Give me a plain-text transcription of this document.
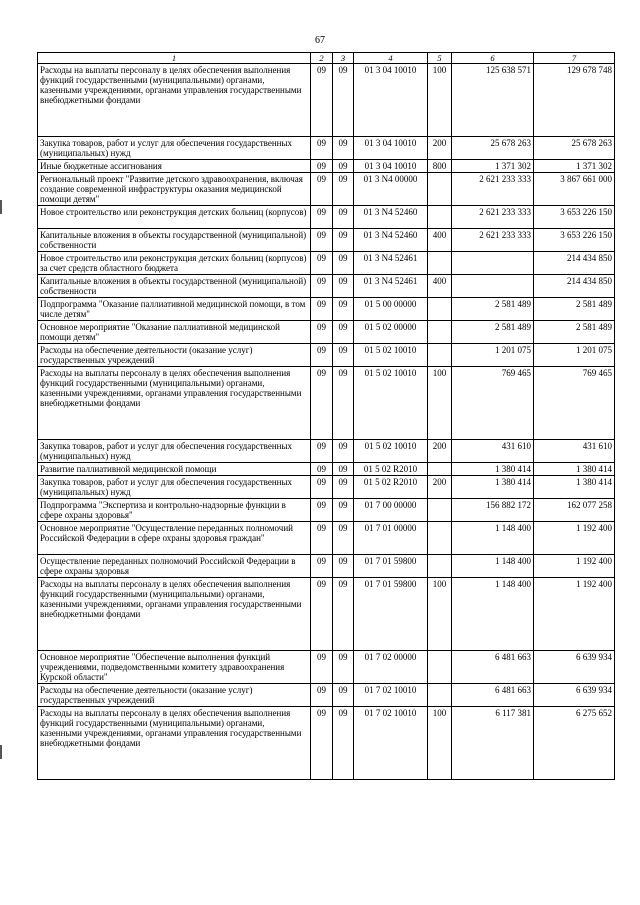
67
1	2	3	4	5	6	7
Расходы на выплаты персоналу в целях обеспечения выполнения функций государственными (муниципальными) органами, казенными учреждениями, органами управления государственными внебюджетными фондами	09	09	01 3 04 10010	100	125 638 571	129 678 748
Закупка товаров, работ и услуг для обеспечения государственных (муниципальных) нужд	09	09	01 3 04 10010	200	25 678 263	25 678 263
Иные бюджетные ассигнования	09	09	01 3 04 10010	800	1 371 302	1 371 302
Региональный проект "Развитие детского здравоохранения, включая создание современной инфраструктуры оказания медицинской помощи детям"	09	09	01 3 N4 00000		2 621 233 333	3 867 661 000
Новое строительство или реконструкция детских больниц (корпусов)	09	09	01 3 N4 52460		2 621 233 333	3 653 226 150
Капитальные вложения в объекты государственной (муниципальной) собственности	09	09	01 3 N4 52460	400	2 621 233 333	3 653 226 150
Новое строительство или реконструкция детских больниц (корпусов) за счет средств областного бюджета	09	09	01 3 N4 52461			214 434 850
Капитальные вложения в объекты государственной (муниципальной) собственности	09	09	01 3 N4 52461	400		214 434 850
Подпрограмма "Оказание паллиативной медицинской помощи, в том числе детям"	09	09	01 5 00 00000		2 581 489	2 581 489
Основное мероприятие "Оказание паллиативной медицинской помощи детям"	09	09	01 5 02 00000		2 581 489	2 581 489
Расходы на обеспечение деятельности (оказание услуг) государственных учреждений	09	09	01 5 02 10010		1 201 075	1 201 075
Расходы на выплаты персоналу в целях обеспечения выполнения функций государственными (муниципальными) органами, казенными учреждениями, органами управления государственными внебюджетными фондами	09	09	01 5 02 10010	100	769 465	769 465
Закупка товаров, работ и услуг для обеспечения государственных (муниципальных) нужд	09	09	01 5 02 10010	200	431 610	431 610
Развитие паллиативной медицинской помощи	09	09	01 5 02 R2010		1 380 414	1 380 414
Закупка товаров, работ и услуг для обеспечения государственных (муниципальных) нужд	09	09	01 5 02 R2010	200	1 380 414	1 380 414
Подпрограмма "Экспертиза и контрольно-надзорные функции в сфере охраны здоровья"	09	09	01 7 00 00000		156 882 172	162 077 258
Основное мероприятие "Осуществление переданных полномочий Российской Федерации в сфере охраны здоровья граждан"	09	09	01 7 01 00000		1 148 400	1 192 400
Осуществление переданных полномочий Российской Федерации в сфере охраны здоровья	09	09	01 7 01 59800		1 148 400	1 192 400
Расходы на выплаты персоналу в целях обеспечения выполнения функций государственными (муниципальными) органами, казенными учреждениями, органами управления государственными внебюджетными фондами	09	09	01 7 01 59800	100	1 148 400	1 192 400
Основное мероприятие "Обеспечение выполнения функций учреждениями, подведомственными комитету здравоохранения Курской области"	09	09	01 7 02 00000		6 481 663	6 639 934
Расходы на обеспечение деятельности (оказание услуг) государственных учреждений	09	09	01 7 02 10010		6 481 663	6 639 934
Расходы на выплаты персоналу в целях обеспечения выполнения функций государственными (муниципальными) органами, казенными учреждениями, органами управления государственными внебюджетными фондами	09	09	01 7 02 10010	100	6 117 381	6 275 652
